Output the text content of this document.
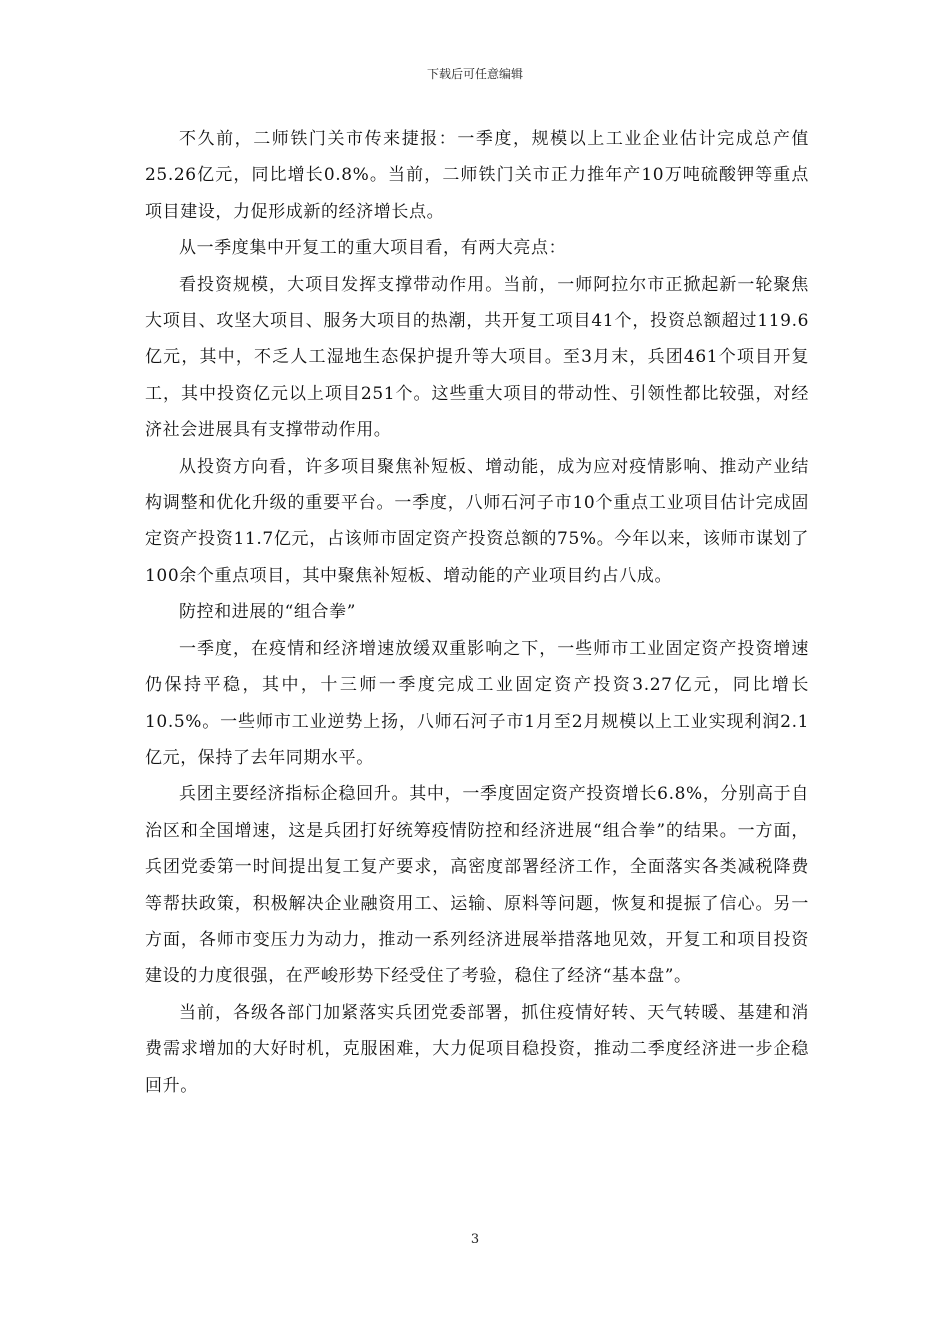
下载后可任意编辑

不久前，二师铁门关市传来捷报：一季度，规模以上工业企业估计完成总产值25.26亿元，同比增长0.8%。当前，二师铁门关市正力推年产10万吨硫酸钾等重点项目建设，力促形成新的经济增长点。

从一季度集中开复工的重大项目看，有两大亮点：

看投资规模，大项目发挥支撑带动作用。当前，一师阿拉尔市正掀起新一轮聚焦大项目、攻坚大项目、服务大项目的热潮，共开复工项目41个，投资总额超过119.6亿元，其中，不乏人工湿地生态保护提升等大项目。至3月末，兵团461个项目开复工，其中投资亿元以上项目251个。这些重大项目的带动性、引领性都比较强，对经济社会进展具有支撑带动作用。

从投资方向看，许多项目聚焦补短板、增动能，成为应对疫情影响、推动产业结构调整和优化升级的重要平台。一季度，八师石河子市10个重点工业项目估计完成固定资产投资11.7亿元，占该师市固定资产投资总额的75%。今年以来，该师市谋划了100余个重点项目，其中聚焦补短板、增动能的产业项目约占八成。

防控和进展的“组合拳”

一季度，在疫情和经济增速放缓双重影响之下，一些师市工业固定资产投资增速仍保持平稳，其中，十三师一季度完成工业固定资产投资3.27亿元，同比增长10.5%。一些师市工业逆势上扬，八师石河子市1月至2月规模以上工业实现利润2.1亿元，保持了去年同期水平。

兵团主要经济指标企稳回升。其中，一季度固定资产投资增长6.8%，分别高于自治区和全国增速，这是兵团打好统筹疫情防控和经济进展“组合拳”的结果。一方面，兵团党委第一时间提出复工复产要求，高密度部署经济工作，全面落实各类减税降费等帮扶政策，积极解决企业融资用工、运输、原料等问题，恢复和提振了信心。另一方面，各师市变压力为动力，推动一系列经济进展举措落地见效，开复工和项目投资建设的力度很强，在严峻形势下经受住了考验，稳住了经济“基本盘”。

当前，各级各部门加紧落实兵团党委部署，抓住疫情好转、天气转暖、基建和消费需求增加的大好时机，克服困难，大力促项目稳投资，推动二季度经济进一步企稳回升。

3
